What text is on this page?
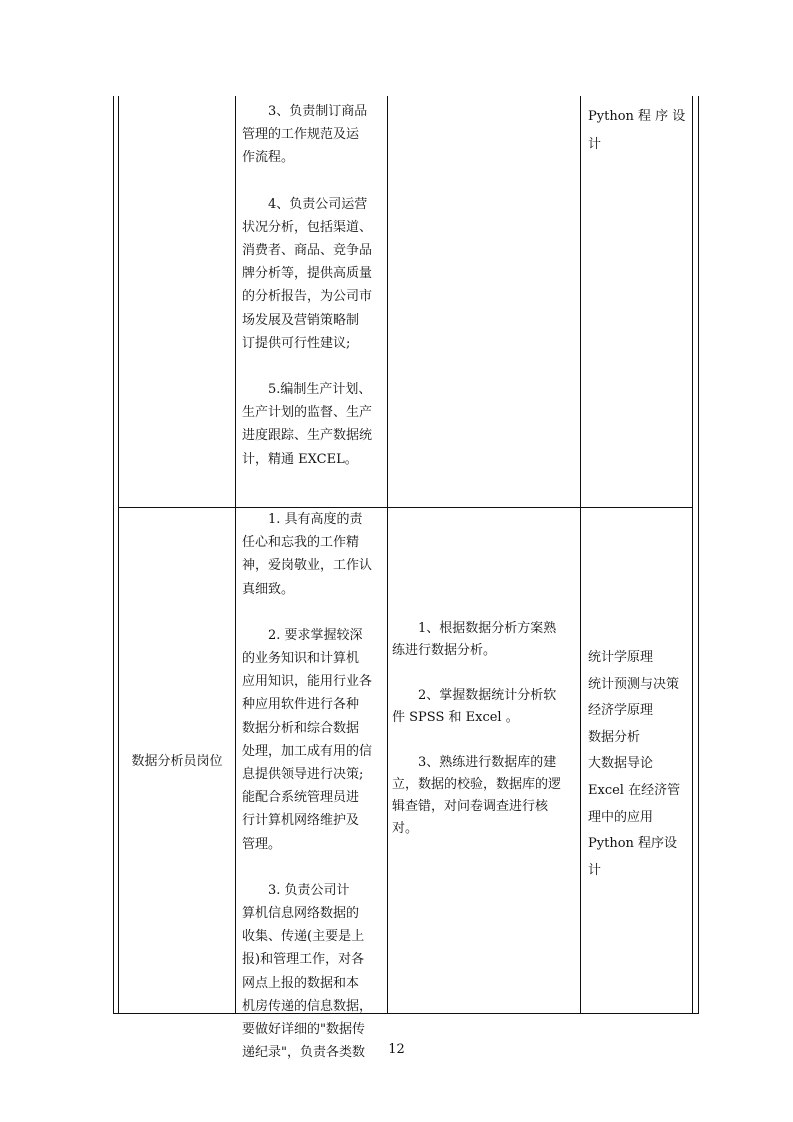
3、负责制订商品

管理的工作规范及运

作流程。

4、负责公司运营

状况分析，包括渠道、

消费者、商品、竞争品

牌分析等，提供高质量

的分析报告，为公司市

场发展及营销策略制

订提供可行性建议;

5.编制生产计划、

生产计划的监督、生产

进度跟踪、生产数据统

计，精通 EXCEL。

Python 程 序 设

计

数据分析员岗位

1. 具有高度的责

任心和忘我的工作精

神，爱岗敬业，工作认

真细致。

2. 要求掌握较深

的业务知识和计算机

应用知识，能用行业各

种应用软件进行各种

数据分析和综合数据

处理，加工成有用的信

息提供领导进行决策;

能配合系统管理员进

行计算机网络维护及

管理。

3. 负责公司计

算机信息网络数据的

收集、传递(主要是上

报)和管理工作，对各

网点上报的数据和本

机房传递的信息数据，

要做好详细的"数据传

递纪录"，负责各类数

1、根据数据分析方案熟

练进行数据分析。

2、掌握数据统计分析软

件 SPSS 和 Excel 。

3、熟练进行数据库的建

立，数据的校验，数据库的逻

辑查错，对问卷调查进行核

对。

统计学原理

统计预测与决策

经济学原理

数据分析

大数据导论

Excel 在经济管

理中的应用

Python 程序设

计

12
